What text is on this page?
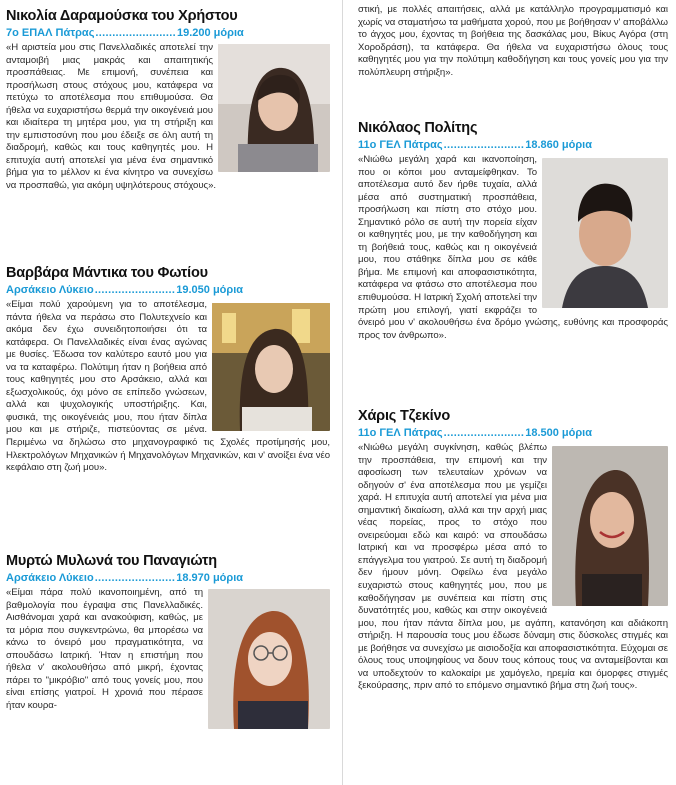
Νικολία Δαραμούσκα του Χρήστου
7ο ΕΠΑΛ Πάτρας ........................ 19.200 μόρια

«Η αριστεία μου στις Πανελλαδικές αποτελεί την ανταμοιβή μιας μακράς και απαιτητικής προσπάθειας. Με επιμονή, συνέπεια και προσήλωση στους στόχους μου, κατάφερα να πετύχω το αποτέλεσμα που επιθυμούσα. Θα ήθελα να ευχαριστήσω θερμά την οικογένειά μου και ιδιαίτερα τη μητέρα μου, για τη στήριξη και την εμπιστοσύνη που μου έδειξε σε όλη αυτή τη διαδρομή, καθώς και τους καθηγητές μου. Η επιτυχία αυτή αποτελεί για μένα ένα σημαντικό βήμα για το μέλλον κι ένα κίνητρο να συνεχίσω να προσπαθώ, για ακόμη υψηλότερους στόχους».

Βαρβάρα Μάντικα του Φωτίου
Αρσάκειο Λύκειο ........................ 19.050 μόρια

«Είμαι πολύ χαρούμενη για το αποτέλεσμα, πάντα ήθελα να περάσω στο Πολυτεχνείο και ακόμα δεν έχω συνειδητοποιήσει ότι τα κατάφερα. Οι Πανελλαδικές είναι ένας αγώνας με θυσίες. Έδωσα τον καλύτερο εαυτό μου για να τα καταφέρω. Πολύτιμη ήταν η βοήθεια από τους καθηγητές μου στο Αρσάκειο, αλλά και εξωσχολικούς, όχι μόνο σε επίπεδο γνώσεων, αλλά και ψυχολογικής υποστήριξης. Και, φυσικά, της οικογένειάς μου, που ήταν δίπλα μου και με στήριζε, πιστεύοντας σε μένα. Περιμένω να δηλώσω στο μηχανογραφικό τις Σχολές προτίμησής μου, Ηλεκτρολόγων Μηχανικών ή Μηχανολόγων Μηχανικών, και ν' ανοίξει ένα νέο κεφάλαιο στη ζωή μου».

Μυρτώ Μυλωνά του Παναγιώτη
Αρσάκειο Λύκειο ........................ 18.970 μόρια

«Είμαι πάρα πολύ ικανοποιημένη, από τη βαθμολογία που έγραψα στις Πανελλαδικές. Αισθάνομαι χαρά και ανακούφιση, καθώς, με τα μόρια που συγκεντρώνω, θα μπορέσω να κάνω το όνειρό μου πραγματικότητα, να σπουδάσω Ιατρική. Ήταν η επιστήμη που ήθελα ν' ακολουθήσω από μικρή, έχοντας πάρει το "μικρόβιο" από τους γονείς μου, που είναι επίσης γιατροί. Η χρονιά που πέρασε ήταν κουρα-

στική, με πολλές απαιτήσεις, αλλά με κατάλληλο προγραμματισμό και χωρίς να σταματήσω τα μαθήματα χορού, που με βοήθησαν ν' αποβάλλω το άγχος μου, έχοντας τη βοήθεια της δασκάλας μου, Βίκυς Αγόρα (στη Χοροδράση), τα κατάφερα. Θα ήθελα να ευχαριστήσω όλους τους καθηγητές μου για την πολύτιμη καθοδήγηση και τους γονείς μου για την πολύπλευρη στήριξη».

Νικόλαος Πολίτης
11ο ΓΕΛ Πάτρας ........................ 18.860 μόρια

«Νιώθω μεγάλη χαρά και ικανοποίηση, που οι κόποι μου ανταμείφθηκαν. Το αποτέλεσμα αυτό δεν ήρθε τυχαία, αλλά μέσα από συστηματική προσπάθεια, προσήλωση και πίστη στο στόχο μου. Σημαντικό ρόλο σε αυτή την πορεία είχαν οι καθηγητές μου, με την καθοδήγηση και τη βοήθειά τους, καθώς και η οικογένειά μου, που στάθηκε δίπλα μου σε κάθε βήμα. Με επιμονή και αποφασιστικότητα, κατάφερα να φτάσω στο αποτέλεσμα που επιθυμούσα. Η Ιατρική Σχολή αποτελεί την πρώτη μου επιλογή, γιατί εκφράζει το όνειρό μου ν' ακολουθήσω ένα δρόμο γνώσης, ευθύνης και προσφοράς προς τον άνθρωπο».

Χάρις Τζεκίνο
11ο ΓΕΛ Πάτρας ........................ 18.500 μόρια

«Νιώθω μεγάλη συγκίνηση, καθώς βλέπω την προσπάθεια, την επιμονή και την αφοσίωση των τελευταίων χρόνων να οδηγούν σ' ένα αποτέλεσμα που με γεμίζει χαρά. Η επιτυχία αυτή αποτελεί για μένα μια σημαντική δικαίωση, αλλά και την αρχή μιας νέας πορείας, προς το στόχο που ονειρεύομαι εδώ και καιρό: να σπουδάσω Ιατρική και να προσφέρω μέσα από το επάγγελμα του γιατρού. Σε αυτή τη διαδρομή δεν ήμουν μόνη. Οφείλω ένα μεγάλο ευχαριστώ στους καθηγητές μου, που με καθοδήγησαν με συνέπεια και πίστη στις δυνατότητές μου, καθώς και στην οικογένειά μου, που ήταν πάντα δίπλα μου, με αγάπη, κατανόηση και αδιάκοπη στήριξη. Η παρουσία τους μου έδωσε δύναμη στις δύσκολες στιγμές και με βοήθησε να συνεχίσω με αισιοδοξία και αποφασιστικότητα. Εύχομαι σε όλους τους υποψηφίους να δουν τους κόπους τους να ανταμείβονται και να υποδεχτούν το καλοκαίρι με χαμόγελο, ηρεμία και όμορφες στιγμές ξεκούρασης, πριν από το επόμενο σημαντικό βήμα στη ζωή τους».
